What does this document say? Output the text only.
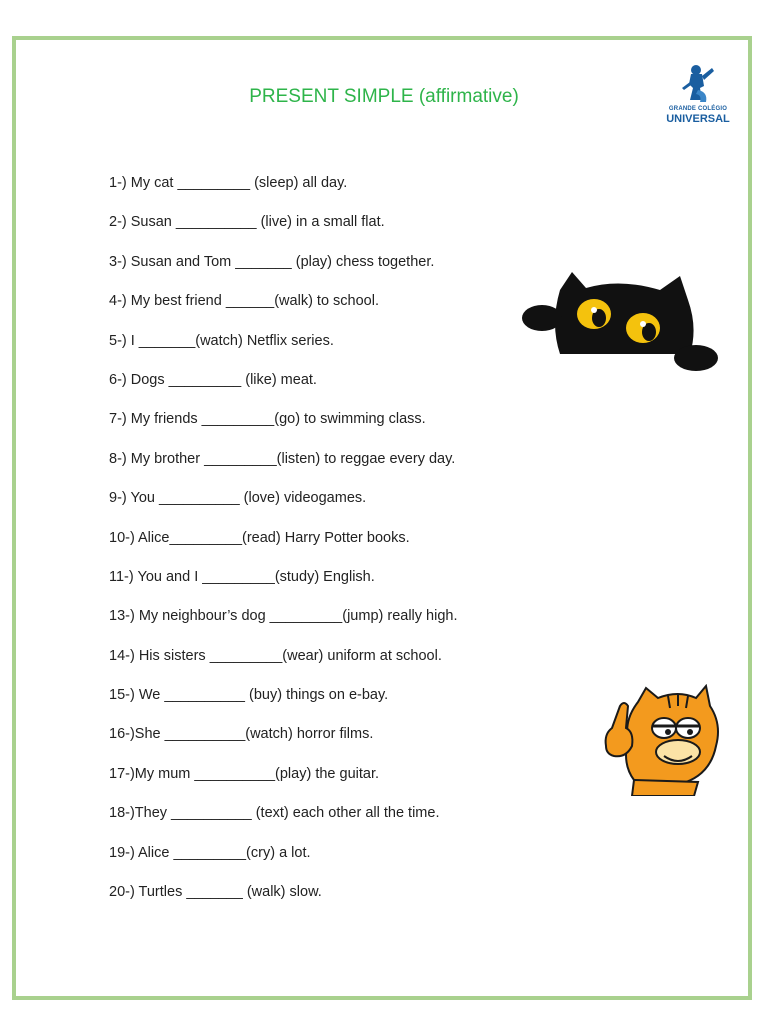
PRESENT SIMPLE (affirmative)
GRANDE COLÉGIO
UNIVERSAL
1-) My cat _________ (sleep) all day.
2-) Susan __________ (live) in a small flat.
3-) Susan and Tom _______ (play) chess together.
4-) My best friend ______(walk) to school.
5-) I _______(watch) Netflix series.
6-) Dogs _________ (like) meat.
7-) My friends _________(go) to swimming class.
8-) My brother _________(listen) to reggae every day.
9-) You __________ (love) videogames.
10-) Alice_________(read) Harry Potter books.
11-) You and I _________(study) English.
13-) My neighbour’s dog _________(jump) really high.
14-) His sisters _________(wear) uniform at school.
15-) We __________ (buy) things on e-bay.
16-)She __________(watch) horror films.
17-)My mum __________(play) the guitar.
18-)They __________ (text) each other all the time.
19-) Alice _________(cry) a lot.
20-) Turtles _______ (walk) slow.
